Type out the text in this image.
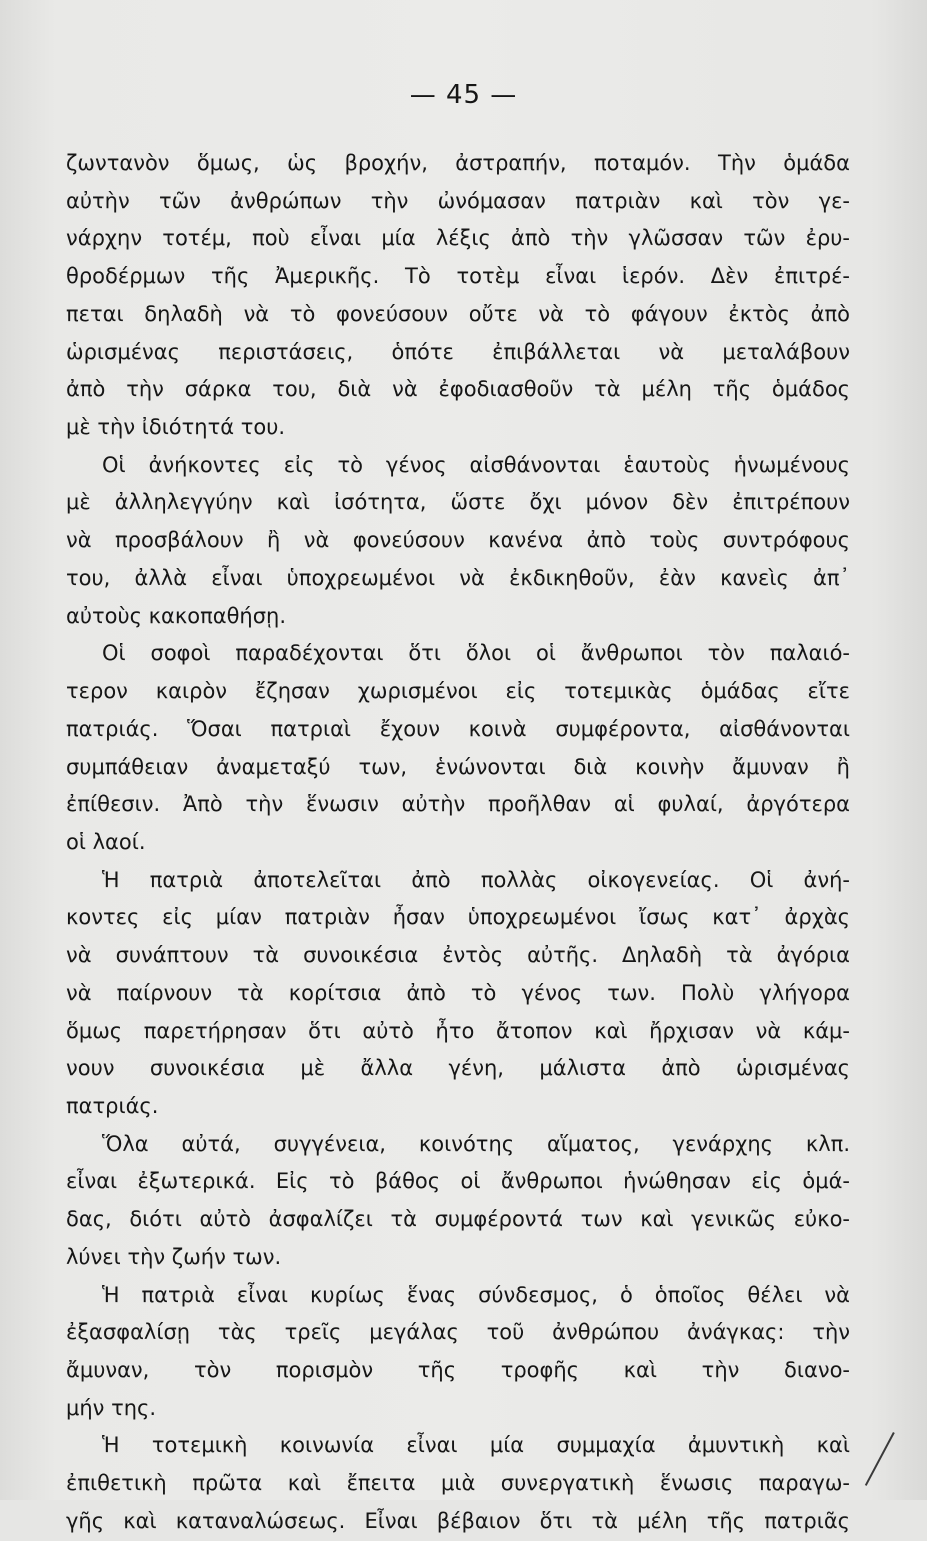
— 45 —
ζωντανὸν ὅμως, ὡς βροχήν, ἀστραπήν, ποταμόν. Τὴν ὁμάδα
αὐτὴν τῶν ἀνθρώπων τὴν ὠνόμασαν πατριὰν καὶ τὸν γε-
νάρχην τοτέμ, ποὺ εἶναι μία λέξις ἀπὸ τὴν γλῶσσαν τῶν ἐρυ-
θροδέρμων τῆς Ἀμερικῆς. Τὸ τοτὲμ εἶναι ἱερόν. Δὲν ἐπιτρέ-
πεται δηλαδὴ νὰ τὸ φονεύσουν οὔτε νὰ τὸ φάγουν ἐκτὸς ἀπὸ
ὡρισμένας περιστάσεις, ὁπότε ἐπιβάλλεται νὰ μεταλάβουν
ἀπὸ τὴν σάρκα του, διὰ νὰ ἐφοδιασθοῦν τὰ μέλη τῆς ὁμάδος
μὲ τὴν ἰδιότητά του.
Οἱ ἀνήκοντες εἰς τὸ γένος αἰσθάνονται ἑαυτοὺς ἡνωμένους
μὲ ἀλληλεγγύην καὶ ἰσότητα, ὥστε ὄχι μόνον δὲν ἐπιτρέπουν
νὰ προσβάλουν ἢ νὰ φονεύσουν κανένα ἀπὸ τοὺς συντρόφους
του, ἀλλὰ εἶναι ὑποχρεωμένοι νὰ ἐκδικηθοῦν, ἐὰν κανεὶς ἀπ᾽
αὐτοὺς κακοπαθήσῃ.
Οἱ σοφοὶ παραδέχονται ὅτι ὅλοι οἱ ἄνθρωποι τὸν παλαιό-
τερον καιρὸν ἔζησαν χωρισμένοι εἰς τοτεμικὰς ὁμάδας εἴτε
πατριάς. Ὅσαι πατριαὶ ἔχουν κοινὰ συμφέροντα, αἰσθάνονται
συμπάθειαν ἀναμεταξύ των, ἑνώνονται διὰ κοινὴν ἄμυναν ἢ
ἐπίθεσιν. Ἀπὸ τὴν ἕνωσιν αὐτὴν προῆλθαν αἱ φυλαί, ἀργότερα
οἱ λαοί.
Ἡ πατριὰ ἀποτελεῖται ἀπὸ πολλὰς οἰκογενείας. Οἱ ἀνή-
κοντες εἰς μίαν πατριὰν ἦσαν ὑποχρεωμένοι ἴσως κατ᾽ ἀρχὰς
νὰ συνάπτουν τὰ συνοικέσια ἐντὸς αὐτῆς. Δηλαδὴ τὰ ἀγόρια
νὰ παίρνουν τὰ κορίτσια ἀπὸ τὸ γένος των. Πολὺ γλήγορα
ὅμως παρετήρησαν ὅτι αὐτὸ ἦτο ἄτοπον καὶ ἤρχισαν νὰ κάμ-
νουν συνοικέσια μὲ ἄλλα γένη, μάλιστα ἀπὸ ὡρισμένας
πατριάς.
Ὅλα αὐτά, συγγένεια, κοινότης αἵματος, γενάρχης κλπ.
εἶναι ἐξωτερικά. Εἰς τὸ βάθος οἱ ἄνθρωποι ἡνώθησαν εἰς ὁμά-
δας, διότι αὐτὸ ἀσφαλίζει τὰ συμφέροντά των καὶ γενικῶς εὐκο-
λύνει τὴν ζωήν των.
Ἡ πατριὰ εἶναι κυρίως ἕνας σύνδεσμος, ὁ ὁποῖος θέλει νὰ
ἐξασφαλίσῃ τὰς τρεῖς μεγάλας τοῦ ἀνθρώπου ἀνάγκας: τὴν
ἄμυναν, τὸν πορισμὸν τῆς τροφῆς καὶ τὴν διανο-
μήν της.
Ἡ τοτεμικὴ κοινωνία εἶναι μία συμμαχία ἀμυντικὴ καὶ
ἐπιθετικὴ πρῶτα καὶ ἔπειτα μιὰ συνεργατικὴ ἕνωσις παραγω-
γῆς καὶ καταναλώσεως. Εἶναι βέβαιον ὅτι τὰ μέλη τῆς πατριᾶς
